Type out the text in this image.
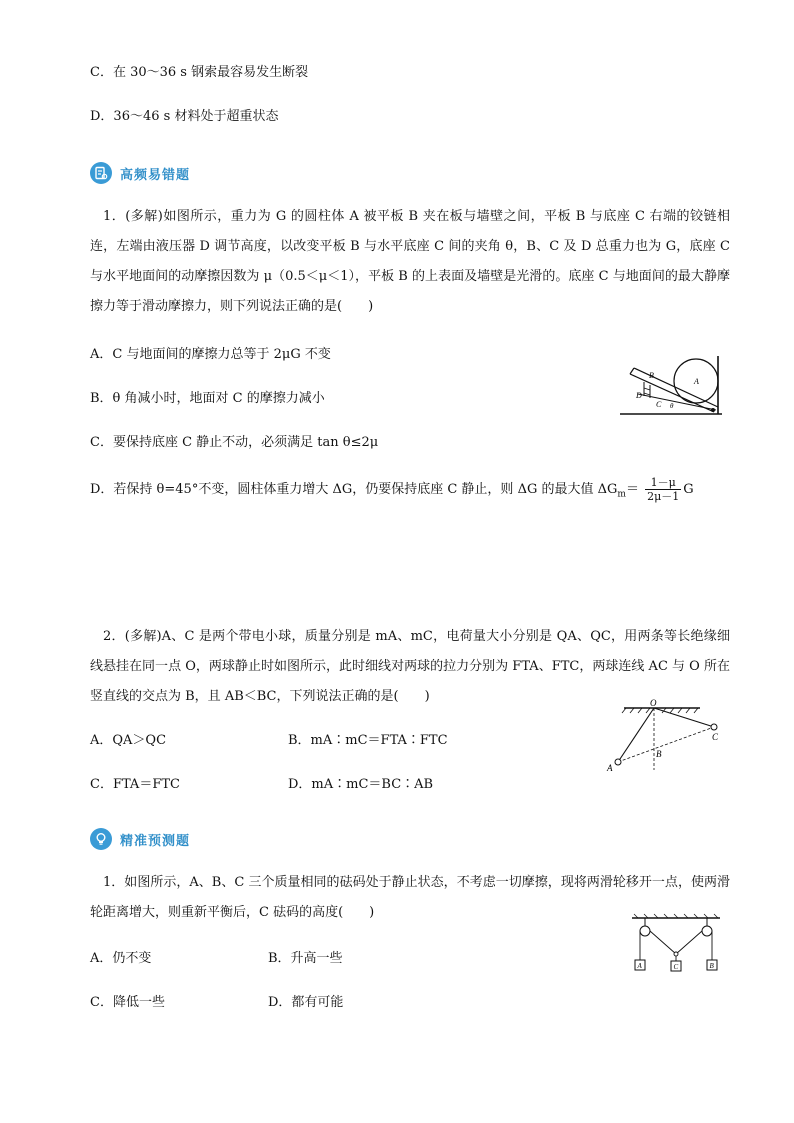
C．在 30～36 s 钢索最容易发生断裂
D．36～46 s 材料处于超重状态
高频易错题
1．(多解)如图所示，重力为 G 的圆柱体 A 被平板 B 夹在板与墙壁之间，平板 B 与底座 C 右端的铰链相连，左端由液压器 D 调节高度，以改变平板 B 与水平底座 C 间的夹角 θ，B、C 及 D 总重力也为 G，底座 C 与水平地面间的动摩擦因数为 μ（0.5＜μ＜1），平板 B 的上表面及墙壁是光滑的。底座 C 与地面间的最大静摩擦力等于滑动摩擦力，则下列说法正确的是(　　)
A．C 与地面间的摩擦力总等于 2μG 不变
B．θ 角减小时，地面对 C 的摩擦力减小
C．要保持底座 C 静止不动，必须满足 tan θ≤2μ
D．若保持 θ=45°不变，圆柱体重力增大 ΔG，仍要保持底座 C 静止，则 ΔG 的最大值 $\Delta G_m= \frac{1-\mu}{2\mu-1}$ G
A
B
D
C θ
2．(多解)A、C 是两个带电小球，质量分别是 mA、mC，电荷量大小分别是 QA、QC，用两条等长绝缘细线悬挂在同一点 O，两球静止时如图所示，此时细线对两球的拉力分别为 FTA、FTC，两球连线 AC 与 O 所在竖直线的交点为 B，且 AB＜BC，下列说法正确的是(　　)
A．QA＞QC	B．mA∶mC＝FTA∶FTC
C．FTA＝FTC	D．mA∶mC＝BC∶AB
O
A
B
C
精准预测题
1．如图所示，A、B、C 三个质量相同的砝码处于静止状态，不考虑一切摩擦，现将两滑轮移开一点，使两滑轮距离增大，则重新平衡后，C 砝码的高度(　　)
A．仍不变	B．升高一些
C．降低一些	D．都有可能
A	C	B
